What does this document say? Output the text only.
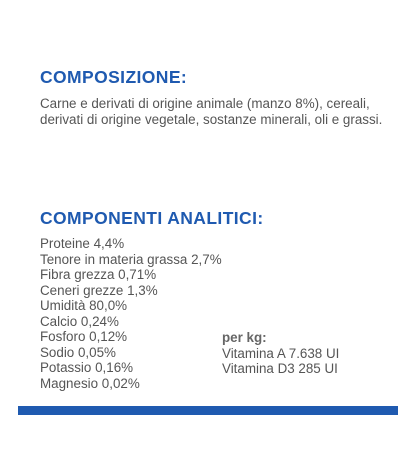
COMPOSIZIONE:

Carne e derivati di origine animale (manzo 8%), cereali, derivati di origine vegetale, sostanze minerali, oli e grassi.

COMPONENTI ANALITICI:
Proteine 4,4%
Tenore in materia grassa 2,7%
Fibra grezza 0,71%
Ceneri grezze 1,3%
Umidità 80,0%
Calcio 0,24%
Fosforo 0,12%
Sodio 0,05%
Potassio 0,16%
Magnesio 0,02%
per kg:
Vitamina A 7.638 UI
Vitamina D3 285 UI
